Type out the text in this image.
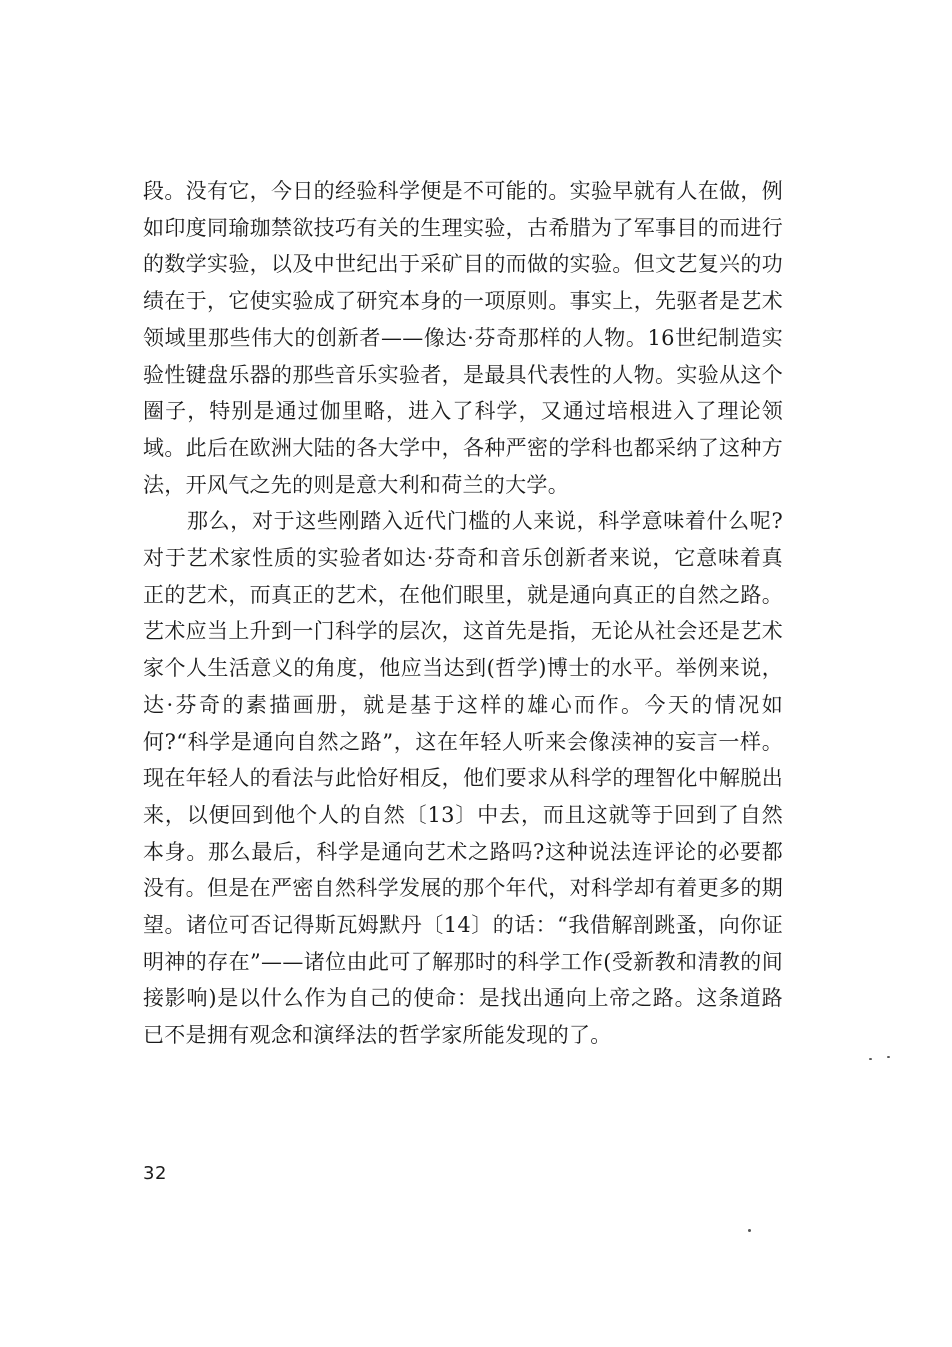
段。没有它，今日的经验科学便是不可能的。实验早就有人在做，例如印度同瑜珈禁欲技巧有关的生理实验，古希腊为了军事目的而进行的数学实验，以及中世纪出于采矿目的而做的实验。但文艺复兴的功绩在于，它使实验成了研究本身的一项原则。事实上，先驱者是艺术领域里那些伟大的创新者——像达·芬奇那样的人物。16世纪制造实验性键盘乐器的那些音乐实验者，是最具代表性的人物。实验从这个圈子，特别是通过伽里略，进入了科学，又通过培根进入了理论领域。此后在欧洲大陆的各大学中，各种严密的学科也都采纳了这种方法，开风气之先的则是意大利和荷兰的大学。

那么，对于这些刚踏入近代门槛的人来说，科学意味着什么呢?对于艺术家性质的实验者如达·芬奇和音乐创新者来说，它意味着真正的艺术，而真正的艺术，在他们眼里，就是通向真正的自然之路。艺术应当上升到一门科学的层次，这首先是指，无论从社会还是艺术家个人生活意义的角度，他应当达到(哲学)博士的水平。举例来说，达·芬奇的素描画册，就是基于这样的雄心而作。今天的情况如何?“科学是通向自然之路”，这在年轻人听来会像渎神的妄言一样。现在年轻人的看法与此恰好相反，他们要求从科学的理智化中解脱出来，以便回到他个人的自然〔13〕中去，而且这就等于回到了自然本身。那么最后，科学是通向艺术之路吗?这种说法连评论的必要都没有。但是在严密自然科学发展的那个年代，对科学却有着更多的期望。诸位可否记得斯瓦姆默丹〔14〕的话：“我借解剖跳蚤，向你证明神的存在”——诸位由此可了解那时的科学工作(受新教和清教的间接影响)是以什么作为自己的使命：是找出通向上帝之路。这条道路已不是拥有观念和演绎法的哲学家所能发现的了。

32
